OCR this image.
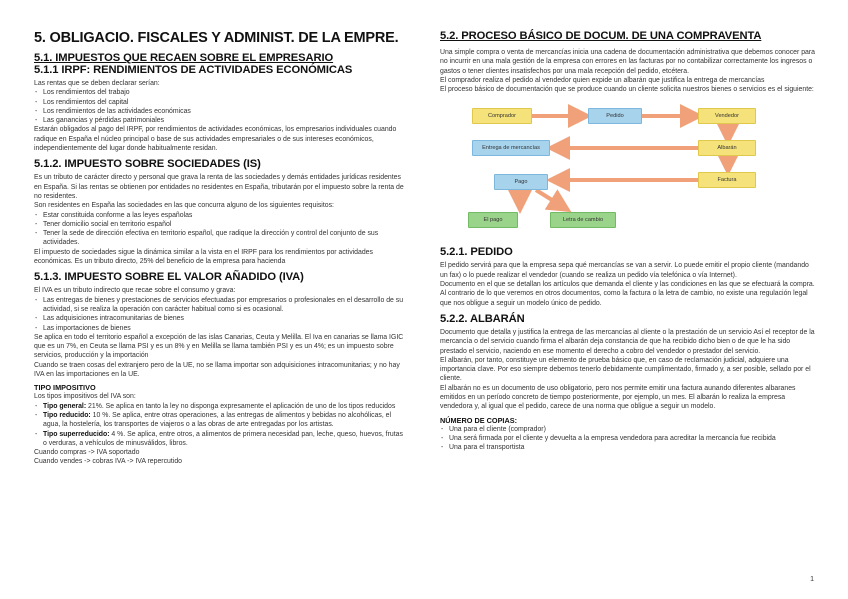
5. OBLIGACIO. FISCALES Y ADMINIST. DE LA EMPRE.
5.1. IMPUESTOS QUE RECAEN SOBRE EL EMPRESARIO
5.1.1 IRPF: RENDIMIENTOS DE ACTIVIDADES ECONÓMICAS
Las rentas que se deben declarar serían:
- Los rendimientos del trabajo
- Los rendimientos del capital
- Los rendimientos de las actividades económicas
- Las ganancias y pérdidas patrimoniales
Estarán obligados al pago del IRPF, por rendimientos de actividades económicas, los empresarios individuales cuando radique en España el núcleo principal o base de sus actividades empresariales o de sus intereses económicos, independientemente del lugar donde habitualmente residan.
5.1.2. IMPUESTO SOBRE SOCIEDADES (IS)
Es un tributo de carácter directo y personal que grava la renta de las sociedades y demás entidades jurídicas residentes en España. Si las rentas se obtienen por entidades no residentes en España, tributarán por el impuesto sobre la renta de no residentes.
Son residentes en España las sociedades en las que concurra alguno de los siguientes requisitos:
- Estar constituida conforme a las leyes españolas
- Tener domicilio social en territorio español
- Tener la sede de dirección efectiva en territorio español, que radique la dirección y control del conjunto de sus actividades.
El impuesto de sociedades sigue la dinámica similar a la vista en el IRPF para los rendimientos por actividades económicas. Es un tributo directo, 25% del beneficio de la empresa para hacienda
5.1.3. IMPUESTO SOBRE EL VALOR AÑADIDO (IVA)
El IVA es un tributo indirecto que recae sobre el consumo y grava:
- Las entregas de bienes y prestaciones de servicios efectuadas por empresarios o profesionales en el desarrollo de su actividad, si se realiza la operación con carácter habitual como si es ocasional.
- Las adquisiciones intracomunitarias de bienes
- Las importaciones de bienes
Se aplica en todo el territorio español a excepción de las islas Canarias, Ceuta y Melilla. El Iva en canarias se llama IGIC que es un 7%, en Ceuta se llama PSI y es un 8% y en Melilla se llama también PSI y es un 4%; es un impuesto sobre servicios, producción y la importación
Cuando se traen cosas del extranjero pero de la UE, no se llama importar son adquisiciones intracomunitarias; y no hay IVA en las importaciones en la UE.
TIPO IMPOSITIVO
Los tipos impositivos del IVA son:
- Tipo general: 21%. Se aplica en tanto la ley no disponga expresamente el aplicación de uno de los tipos reducidos
- Tipo reducido: 10 %. Se aplica, entre otras operaciones, a las entregas de alimentos y bebidas no alcohólicas, el agua, la hostelería, los transportes de viajeros o a las obras de arte entregadas por los artistas.
- Tipo superreducido: 4 %. Se aplica, entre otros, a alimentos de primera necesidad pan, leche, queso, huevos, frutas o verduras, a vehículos de minusválidos, libros.
Cuando compras -> IVA soportado
Cuando vendes -> cobras IVA -> IVA repercutido
5.2. PROCESO BÁSICO DE DOCUM. DE UNA COMPRAVENTA
Una simple compra o venta de mercancías inicia una cadena de documentación administrativa que debemos conocer para no incurrir en una mala gestión de la empresa con errores en las facturas por no contabilizar correctamente los ingresos o gastos o tener clientes insatisfechos por una mala recepción del pedido, etcétera.
El comprador realiza el pedido al vendedor quien expide un albarán que justifica la entrega de mercancías
El proceso básico de documentación que se produce cuando un cliente solicita nuestros bienes o servicios es el siguiente:
Comprador	Pedido	Vendedor
Entrega de mercancías	Albarán
Pago	Factura
El pago	Letra de cambio
5.2.1. PEDIDO
El pedido servirá para que la empresa sepa qué mercancías se van a servir. Lo puede emitir el propio cliente (mandando un fax) o lo puede realizar el vendedor (cuando se realiza un pedido vía telefónica o vía Internet).
Documento en el que se detallan los artículos que demanda el cliente y las condiciones en las que se efectuará la compra.
Al contrario de lo que veremos en otros documentos, como la factura o la letra de cambio, no existe una regulación legal que nos obligue a seguir un modelo único de pedido.
5.2.2. ALBARÁN
Documento que detalla y justifica la entrega de las mercancías al cliente o la prestación de un servicio Así el receptor de la mercancía o del servicio cuando firma el albarán deja constancia de que ha recibido dicho bien o de que le ha sido prestado el servicio, naciendo en ese momento el derecho a cobro del vendedor o prestador del servicio.
El albarán, por tanto, constituye un elemento de prueba básico que, en caso de reclamación judicial, adquiere una importancia clave. Por eso siempre debemos tenerlo debidamente cumplimentado, firmado y, a ser posible, sellado por el cliente.
El albarán no es un documento de uso obligatorio, pero nos permite emitir una factura aunando diferentes albaranes emitidos en un período concreto de tiempo posteriormente, por ejemplo, un mes. El albarán lo realiza la empresa vendedora y, al igual que el pedido, carece de una norma que obligue a seguir un modelo.
NÚMERO DE COPIAS:
- Una para el cliente (comprador)
- Una será firmada por el cliente y devuelta a la empresa vendedora para acreditar la mercancía fue recibida
- Una para el transportista
1
